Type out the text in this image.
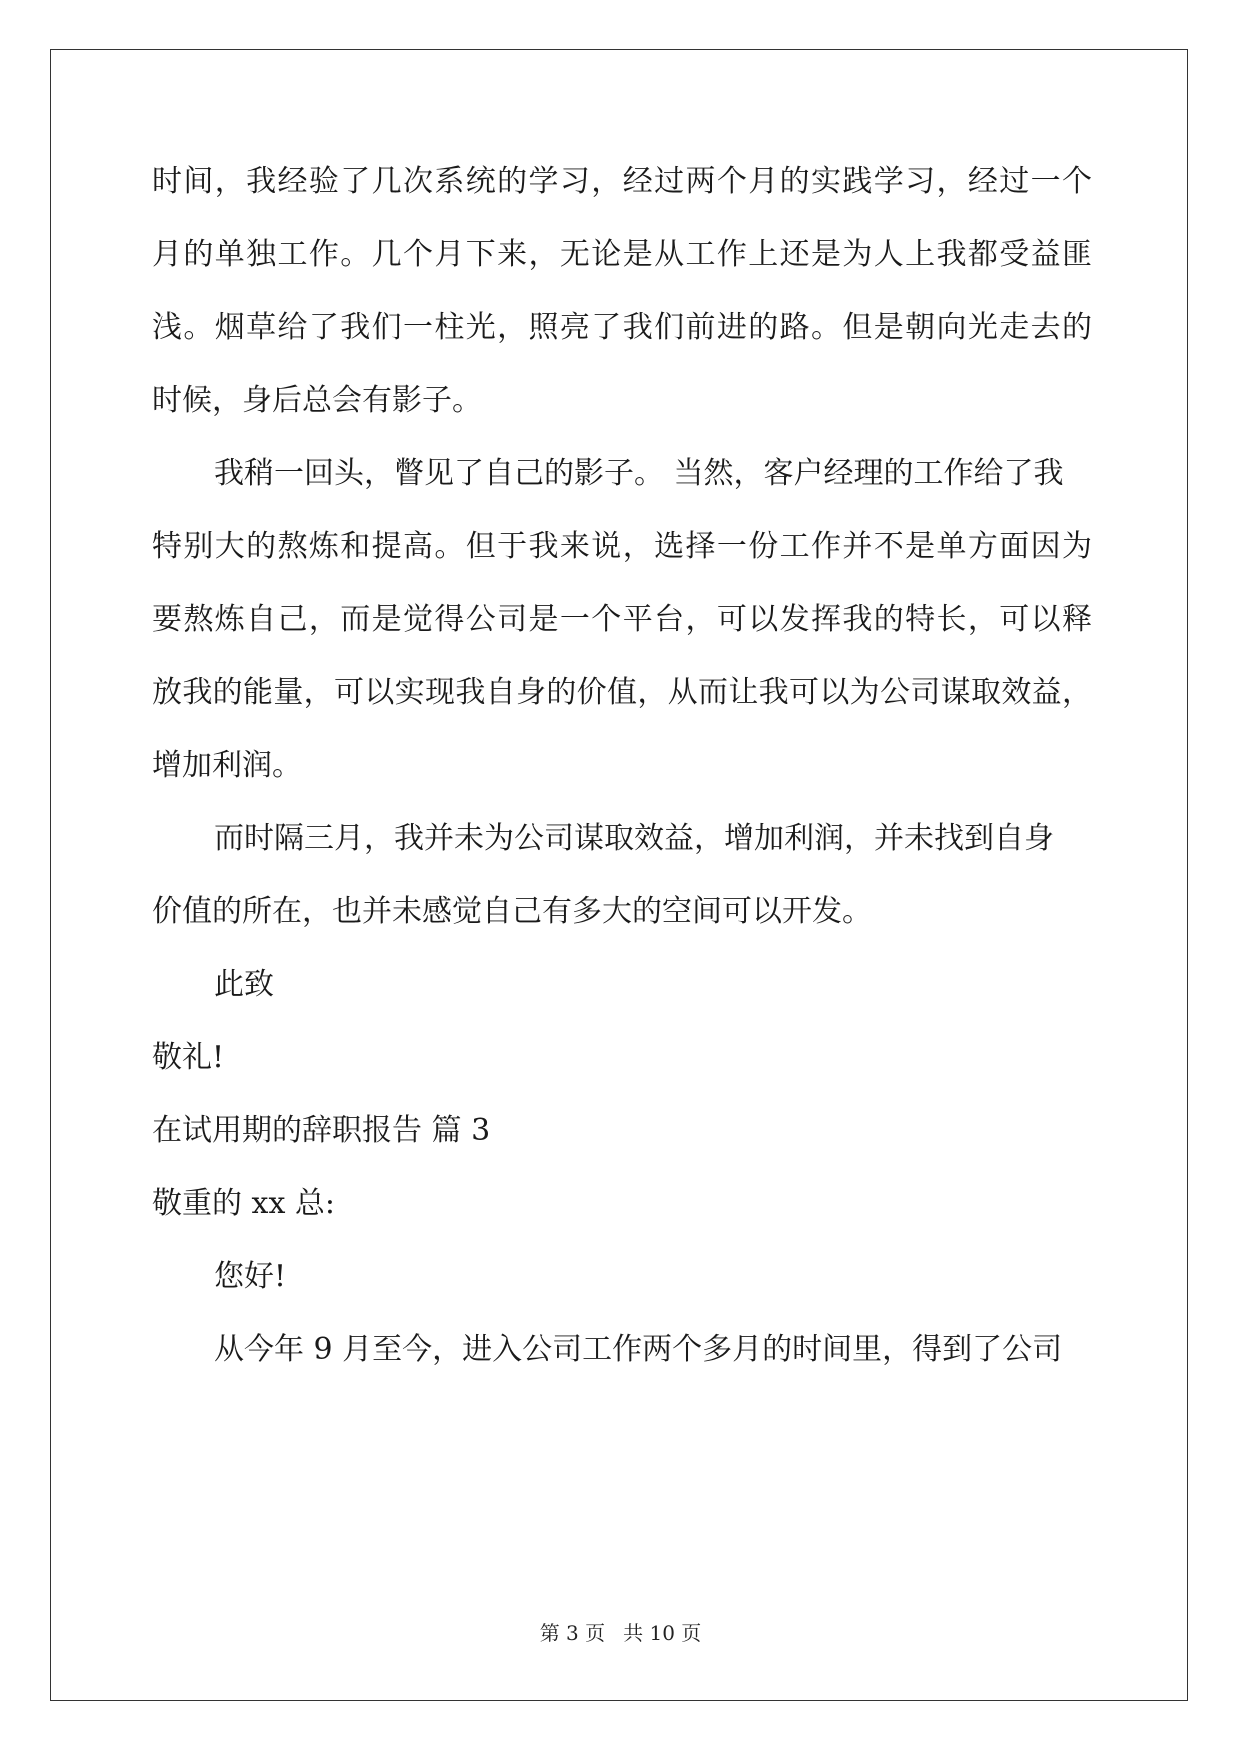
时间，我经验了几次系统的学习，经过两个月的实践学习，经过一个
月的单独工作。几个月下来，无论是从工作上还是为人上我都受益匪
浅。烟草给了我们一柱光，照亮了我们前进的路。但是朝向光走去的
时候，身后总会有影子。
我稍一回头，瞥见了自己的影子。 当然，客户经理的工作给了我
特别大的熬炼和提高。但于我来说，选择一份工作并不是单方面因为
要熬炼自己，而是觉得公司是一个平台，可以发挥我的特长，可以释
放我的能量，可以实现我自身的价值，从而让我可以为公司谋取效益，
增加利润。
而时隔三月，我并未为公司谋取效益，增加利润，并未找到自身
价值的所在，也并未感觉自己有多大的空间可以开发。
此致
敬礼!
在试用期的辞职报告 篇 3
敬重的 xx 总:
您好!
从今年 9 月至今，进入公司工作两个多月的时间里，得到了公司
第 3 页 共 10 页
